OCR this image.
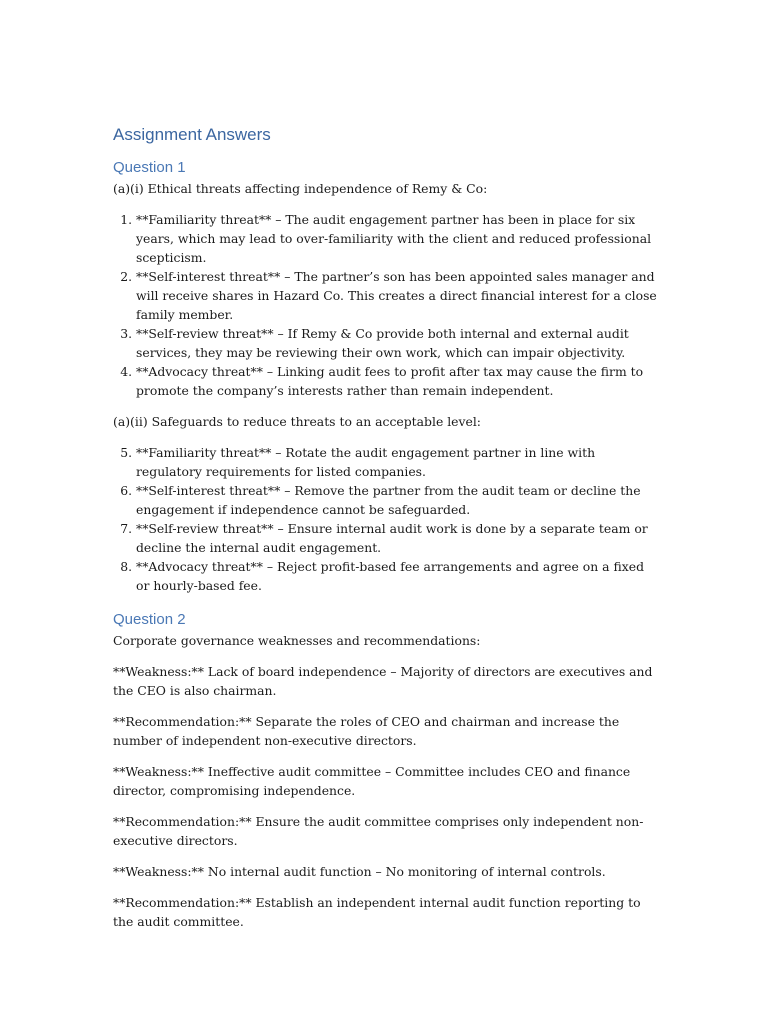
Assignment Answers
Question 1

(a)(i) Ethical threats affecting independence of Remy & Co:

1. **Familiarity threat** – The audit engagement partner has been in place for six years, which may lead to over-familiarity with the client and reduced professional scepticism.
2. **Self-interest threat** – The partner’s son has been appointed sales manager and will receive shares in Hazard Co. This creates a direct financial interest for a close family member.
3. **Self-review threat** – If Remy & Co provide both internal and external audit services, they may be reviewing their own work, which can impair objectivity.
4. **Advocacy threat** – Linking audit fees to profit after tax may cause the firm to promote the company’s interests rather than remain independent.

(a)(ii) Safeguards to reduce threats to an acceptable level:

5. **Familiarity threat** – Rotate the audit engagement partner in line with regulatory requirements for listed companies.
6. **Self-interest threat** – Remove the partner from the audit team or decline the engagement if independence cannot be safeguarded.
7. **Self-review threat** – Ensure internal audit work is done by a separate team or decline the internal audit engagement.
8. **Advocacy threat** – Reject profit-based fee arrangements and agree on a fixed or hourly-based fee.
Question 2

Corporate governance weaknesses and recommendations:

**Weakness:** Lack of board independence – Majority of directors are executives and the CEO is also chairman.

**Recommendation:** Separate the roles of CEO and chairman and increase the number of independent non-executive directors.

**Weakness:** Ineffective audit committee – Committee includes CEO and finance director, compromising independence.

**Recommendation:** Ensure the audit committee comprises only independent non-executive directors.

**Weakness:** No internal audit function – No monitoring of internal controls.

**Recommendation:** Establish an independent internal audit function reporting to the audit committee.
